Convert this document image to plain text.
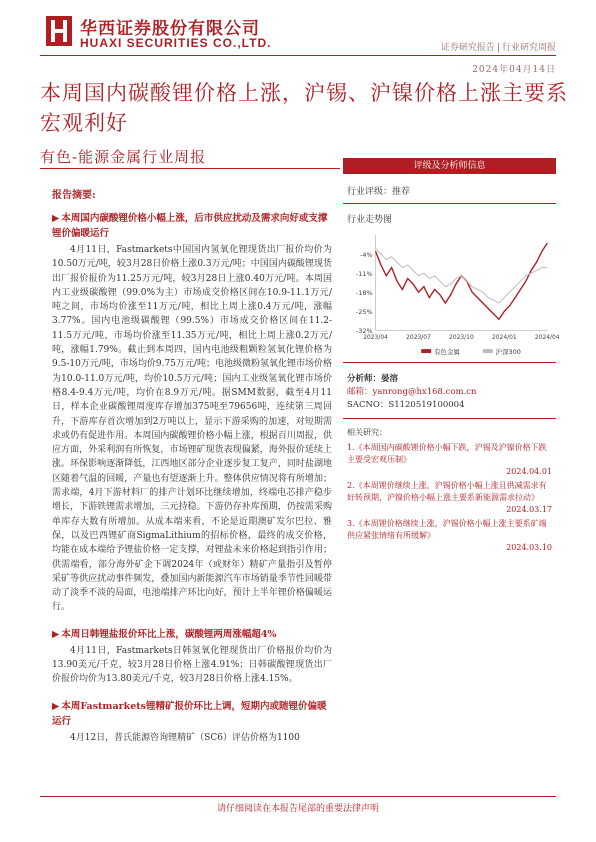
华西证券股份有限公司
HUAXI SECURITIES CO.,LTD.	证券研究报告 | 行业研究周报
2024年04月14日
本周国内碳酸锂价格上涨，沪锡、沪镍价格上涨主要系宏观利好
有色-能源金属行业周报
报告摘要:
▶ 本周国内碳酸锂价格小幅上涨，后市供应扰动及需求向好或支撑锂价偏暖运行
4月11日，Fastmarkets中国国内氢氧化锂现货出厂报价均价为10.50万元/吨，较3月28日价格上涨0.3万元/吨；中国国内碳酸锂现货出厂报价报价为11.25万元/吨，较3月28日上涨0.40万元/吨。本周国内工业级碳酸锂（99.0%为主）市场成交价格区间在10.9-11.1万元/吨之间，市场均价涨至11万元/吨，相比上周上涨0.4万元/吨，涨幅3.77%。国内电池级碳酸锂（99.5%）市场成交价格区间在11.2-11.5万元/吨，市场均价涨至11.35万元/吨，相比上周上涨0.2万元/吨，涨幅1.79%。截止到本周四，国内电池级粗颗粒氢氧化锂价格为9.5-10万元/吨，市场均价9.75万元/吨；电池级微粉氢氧化锂市场价格为10.0-11.0万元/吨，均价10.5万元/吨；国内工业级氢氧化锂市场价格8.4-9.4万元/吨，均价在8.9万元/吨。据SMM数据，截至4月11日，样本企业碳酸锂周度库存增加375吨至79656吨，连续第三周回升，下游库存首次增加到2万吨以上，显示下游采购的加速，对短期需求或仍有促进作用。本周国内碳酸锂价格小幅上涨，根据百川周报，供应方面，外采利润有所恢复，市场锂矿现货表现偏紧，海外报价延续上涨。环保影响逐渐降低，江西地区部分企业逐步复工复产，同时盐湖地区随着气温的回暖，产量也有望逐渐上升。整体供应情况将有所增加；需求端，4月下游材料厂的排产计划环比继续增加，终端电芯排产稳步增长，下游铁锂需求增加，三元持稳。下游仍存补库预期，仍按需采购单库存大数有所增加。从成本端来看，不论是近期澳矿发尔巴拉、雅保，以及巴西锂矿商SigmaLithium的招标价格，最终的成交价格，均能在成本端给予锂盐价格一定支撑，对锂盐未来价格起到指引作用；供需端看，部分海外矿企下调2024年（或财年）精矿产量指引及暂停采矿等供应扰动事件频发，叠加国内新能源汽车市场销量季节性回暖带动了淡季不淡的局面，电池端排产环比向好，预计上半年锂价格偏暖运行。
▶ 本周日韩锂盐报价环比上涨，碳酸锂两周涨幅超4%
4月11日，Fastmarkets日韩氢氧化锂现货出厂价格报价均价为13.90美元/千克，较3月28日价格上涨4.91%；日韩碳酸锂现货出厂价报价均价为13.80美元/千克，较3月28日价格上涨4.15%。
▶ 本周Fastmarkets锂精矿报价环比上调，短期内或随锂价偏暖运行
4月12日，普氏能源咨询锂精矿（SC6）评估价格为1100
评级及分析师信息
行业评级：推荐
行业走势图
-4%
-11%
-18%
-25%
-32%
2023/04	2023/07	2023/10	2024/01	2024/04
有色金属	沪深300
分析师：晏溶
邮箱：yanrong@hx168.com.cn
SACNO：S1120519100004
相关研究：
1.《本周国内碳酸锂价格小幅下跌，沪锡及沪镍价格下跌主要受宏观压制》
2024.04.01
2.《本周锂价继续上涨，沪锡价格小幅上涨且供减需求有好转预期，沪镍价格小幅上涨主要系新能源需求拉动》
2024.03.17
3.《本周锂价格继续上涨，沪锡价格小幅上涨主要系矿端供应紧张情绪有所缓解》
2024.03.10
请仔细阅读在本报告尾部的重要法律声明
